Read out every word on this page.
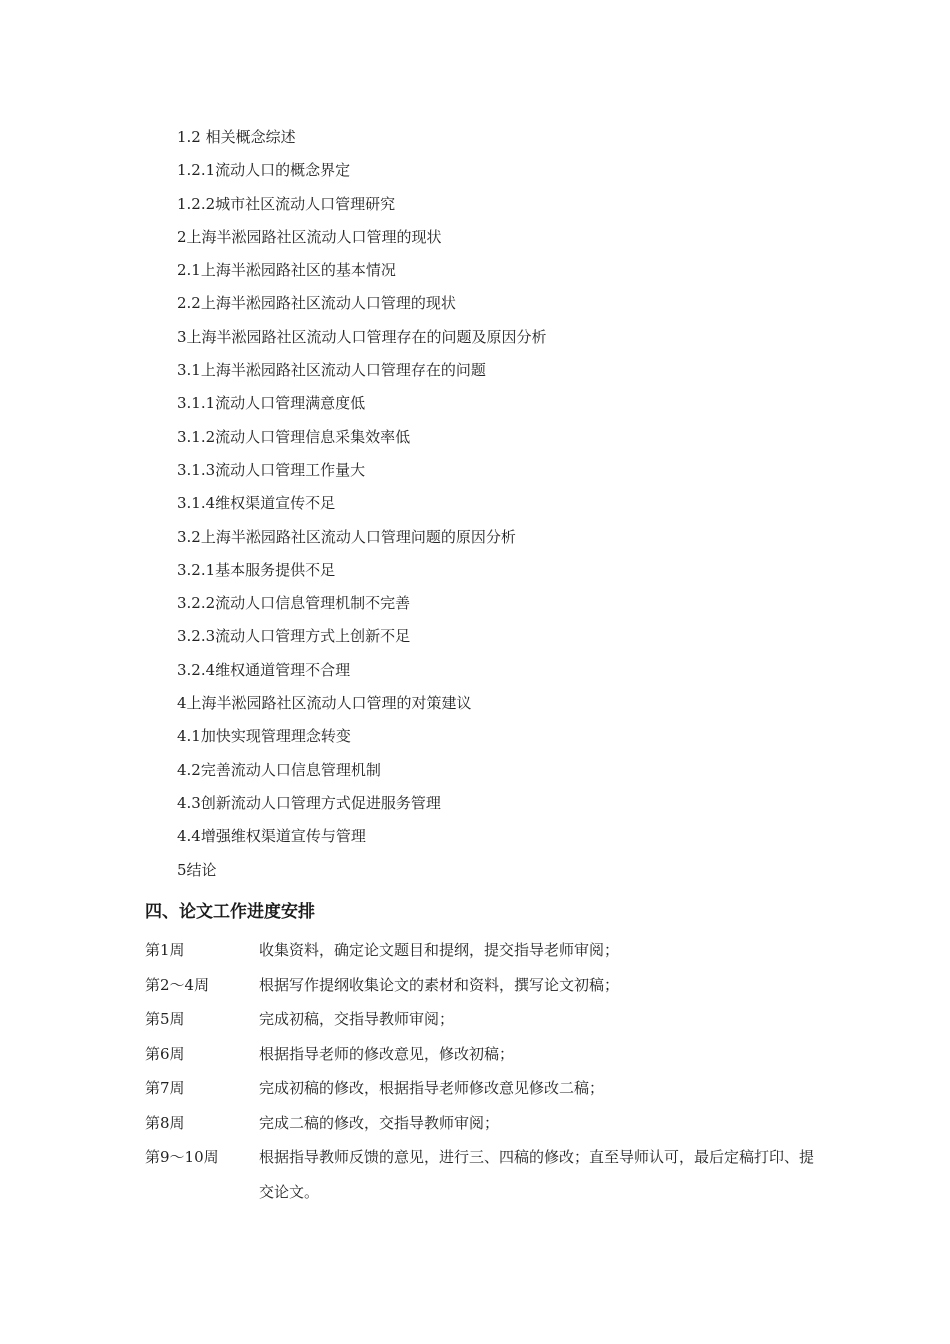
1.2 相关概念综述
1.2.1流动人口的概念界定
1.2.2城市社区流动人口管理研究
2上海半淞园路社区流动人口管理的现状
2.1上海半淞园路社区的基本情况
2.2上海半淞园路社区流动人口管理的现状
3上海半淞园路社区流动人口管理存在的问题及原因分析
3.1上海半淞园路社区流动人口管理存在的问题
3.1.1流动人口管理满意度低
3.1.2流动人口管理信息采集效率低
3.1.3流动人口管理工作量大
3.1.4维权渠道宣传不足
3.2上海半淞园路社区流动人口管理问题的原因分析
3.2.1基本服务提供不足
3.2.2流动人口信息管理机制不完善
3.2.3流动人口管理方式上创新不足
3.2.4维权通道管理不合理
4上海半淞园路社区流动人口管理的对策建议
4.1加快实现管理理念转变
4.2完善流动人口信息管理机制
4.3创新流动人口管理方式促进服务管理
4.4增强维权渠道宣传与管理
5结论
四、论文工作进度安排
第1周	收集资料，确定论文题目和提纲，提交指导老师审阅；
第2～4周	根据写作提纲收集论文的素材和资料，撰写论文初稿；
第5周	完成初稿，交指导教师审阅；
第6周	根据指导老师的修改意见，修改初稿；
第7周	完成初稿的修改，根据指导老师修改意见修改二稿；
第8周	完成二稿的修改，交指导教师审阅；
第9～10周	根据指导教师反馈的意见，进行三、四稿的修改；直至导师认可，最后定稿打印、提交论文。
